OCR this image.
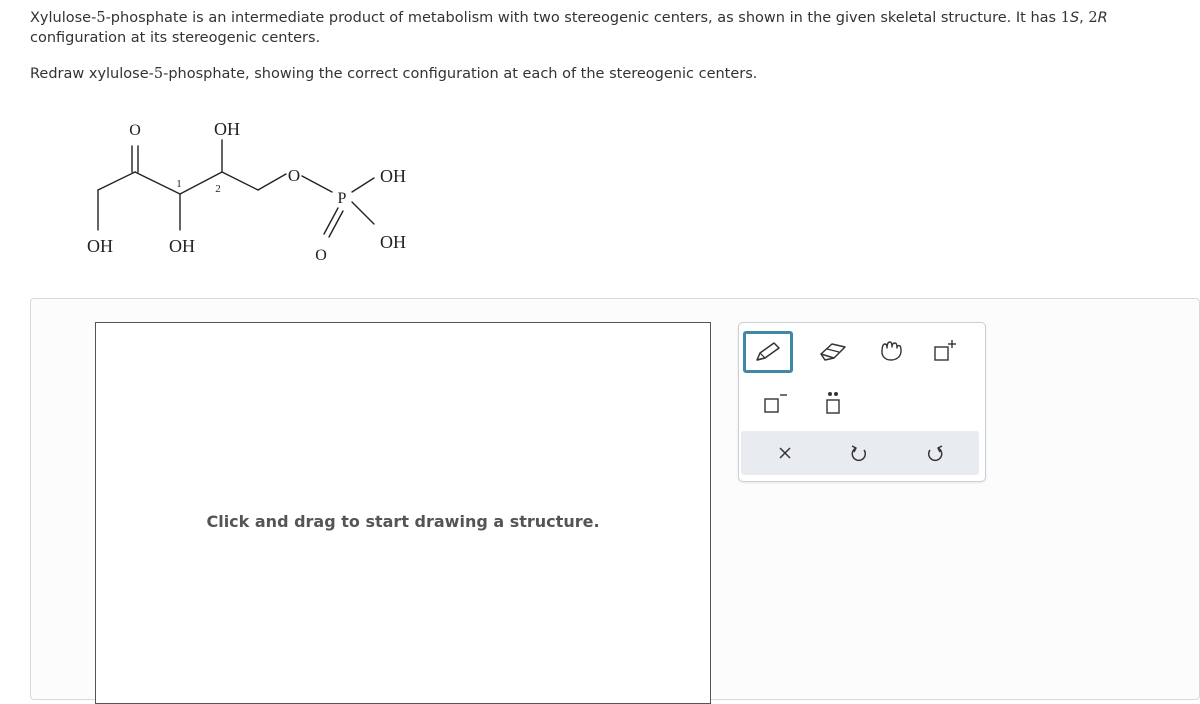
Xylulose-5-phosphate is an intermediate product of metabolism with two stereogenic centers, as shown in the given skeletal structure. It has 1S, 2R
configuration at its stereogenic centers.
Redraw xylulose-5-phosphate, showing the correct configuration at each of the stereogenic centers.
O	OH
1	2
O
P
OH
OH
O
OH	OH
Click and drag to start drawing a structure.
